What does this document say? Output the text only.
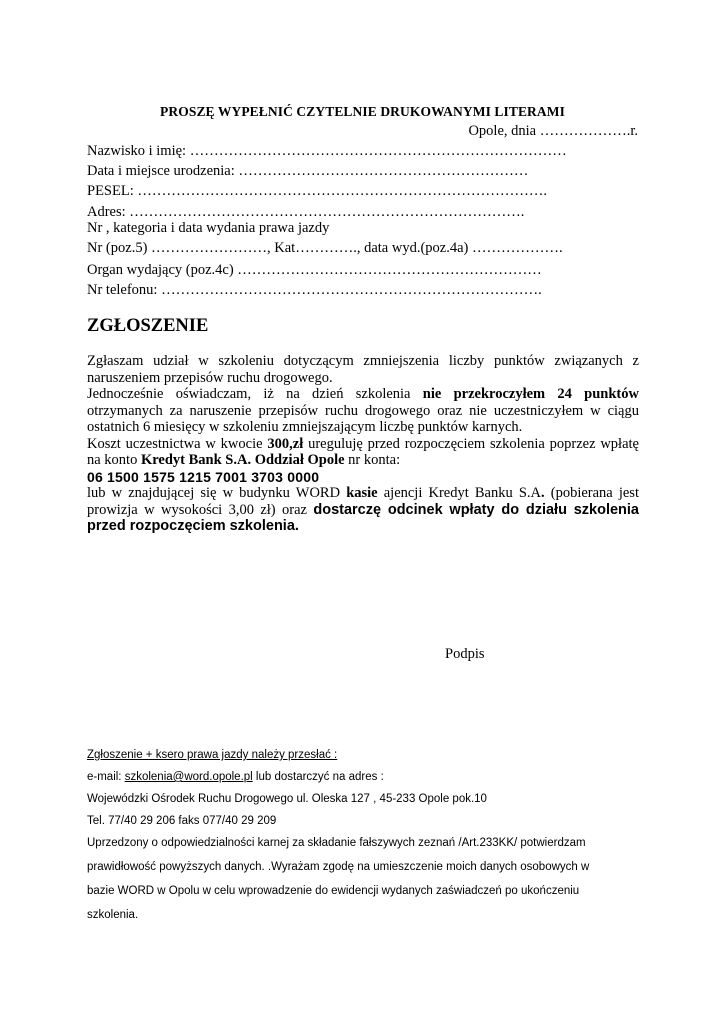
PROSZĘ WYPEŁNIĆ CZYTELNIE DRUKOWANYMI LITERAMI
Opole, dnia ……………….r.
Nazwisko i imię: ……………………………………………………………………
Data i miejsce urodzenia: ……………………………………………………
PESEL: ………………………………………………………………………….
Adres: ……………………………………………………………………….
Nr , kategoria i data wydania prawa jazdy
Nr (poz.5) ……………………, Kat…………., data wyd.(poz.4a) ……………….
Organ wydający (poz.4c) ………………………………………………………
Nr telefonu: …………………………………………………………………….
ZGŁOSZENIE

Zgłaszam udział w szkoleniu dotyczącym zmniejszenia liczby punktów związanych z naruszeniem przepisów ruchu drogowego.

Jednocześnie oświadczam, iż na dzień szkolenia nie przekroczyłem 24 punktów otrzymanych za naruszenie przepisów ruchu drogowego oraz nie uczestniczyłem w ciągu ostatnich 6 miesięcy w szkoleniu zmniejszającym liczbę punktów karnych.

Koszt uczestnictwa w kwocie 300,zł ureguluję przed rozpoczęciem szkolenia poprzez wpłatę na konto Kredyt Bank S.A. Oddział Opole nr konta:

06 1500 1575 1215 7001 3703 0000

lub w znajdującej się w budynku WORD kasie ajencji Kredyt Banku S.A. (pobierana jest prowizja w wysokości 3,00 zł) oraz dostarczę odcinek wpłaty do działu szkolenia przed rozpoczęciem szkolenia.

Podpis
Zgłoszenie + ksero prawa jazdy należy przesłać :
e-mail: szkolenia@word.opole.pl lub dostarczyć na adres :
Wojewódzki Ośrodek Ruchu Drogowego ul. Oleska 127 , 45-233 Opole pok.10
Tel. 77/40 29 206 faks 077/40 29 209
Uprzedzony o odpowiedzialności karnej za składanie fałszywych zeznań /Art.233KK/ potwierdzam
prawidłowość powyższych danych. .Wyrażam zgodę na umieszczenie moich danych osobowych w
bazie WORD w Opolu w celu wprowadzenie do ewidencji wydanych zaświadczeń po ukończeniu
szkolenia.
